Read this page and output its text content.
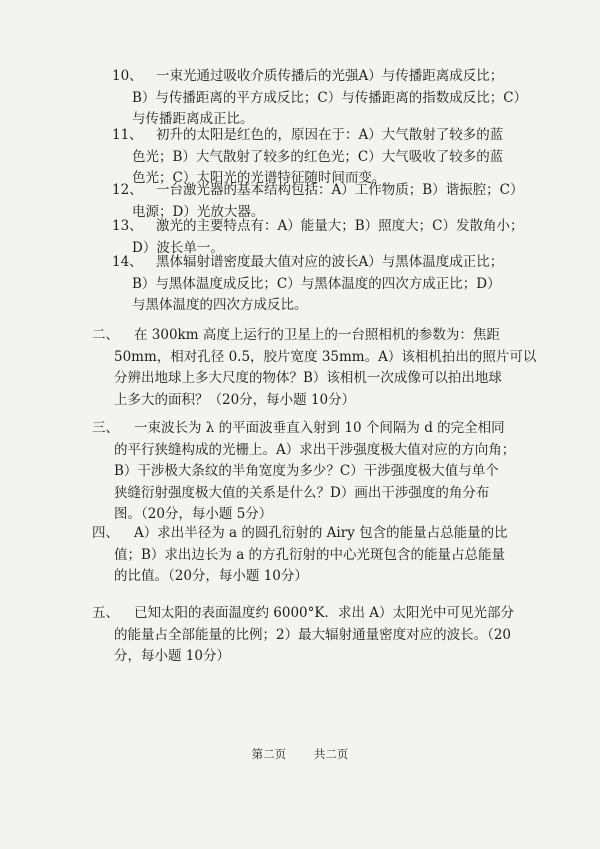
10、 一束光通过吸收介质传播后的光强A）与传播距离成反比；
B）与传播距离的平方成反比；C）与传播距离的指数成反比；C）
与传播距离成正比。
11、 初升的太阳是红色的，原因在于：A）大气散射了较多的蓝
色光；B）大气散射了较多的红色光；C）大气吸收了较多的蓝
色光；C）太阳光的光谱特征随时间而变。
12、 一台激光器的基本结构包括：A）工作物质；B）谐振腔；C）
电源；D）光放大器。
13、 激光的主要特点有：A）能量大；B）照度大；C）发散角小；
D）波长单一。
14、 黑体辐射谱密度最大值对应的波长A）与黑体温度成正比；
B）与黑体温度成反比；C）与黑体温度的四次方成正比；D）
与黑体温度的四次方成反比。
二、	在 300km 高度上运行的卫星上的一台照相机的参数为：焦距
50mm，相对孔径 0.5，胶片宽度 35mm。A）该相机拍出的照片可以
分辨出地球上多大尺度的物体？B）该相机一次成像可以拍出地球
上多大的面积？（20分，每小题 10分）
三、	一束波长为 λ 的平面波垂直入射到 10 个间隔为 d 的完全相同
的平行狭缝构成的光栅上。A）求出干涉强度极大值对应的方向角；
B）干涉极大条纹的半角宽度为多少？C）干涉强度极大值与单个
狭缝衍射强度极大值的关系是什么？D）画出干涉强度的角分布
图。（20分，每小题 5分）
四、	A）求出半径为 a 的圆孔衍射的 Airy 包含的能量占总能量的比
值；B）求出边长为 a 的方孔衍射的中心光斑包含的能量占总能量
的比值。（20分，每小题 10分）
五、	已知太阳的表面温度约 6000°K．求出 A）太阳光中可见光部分
的能量占全部能量的比例；2）最大辐射通量密度对应的波长。（20
分，每小题 10分）
第二页 共二页
